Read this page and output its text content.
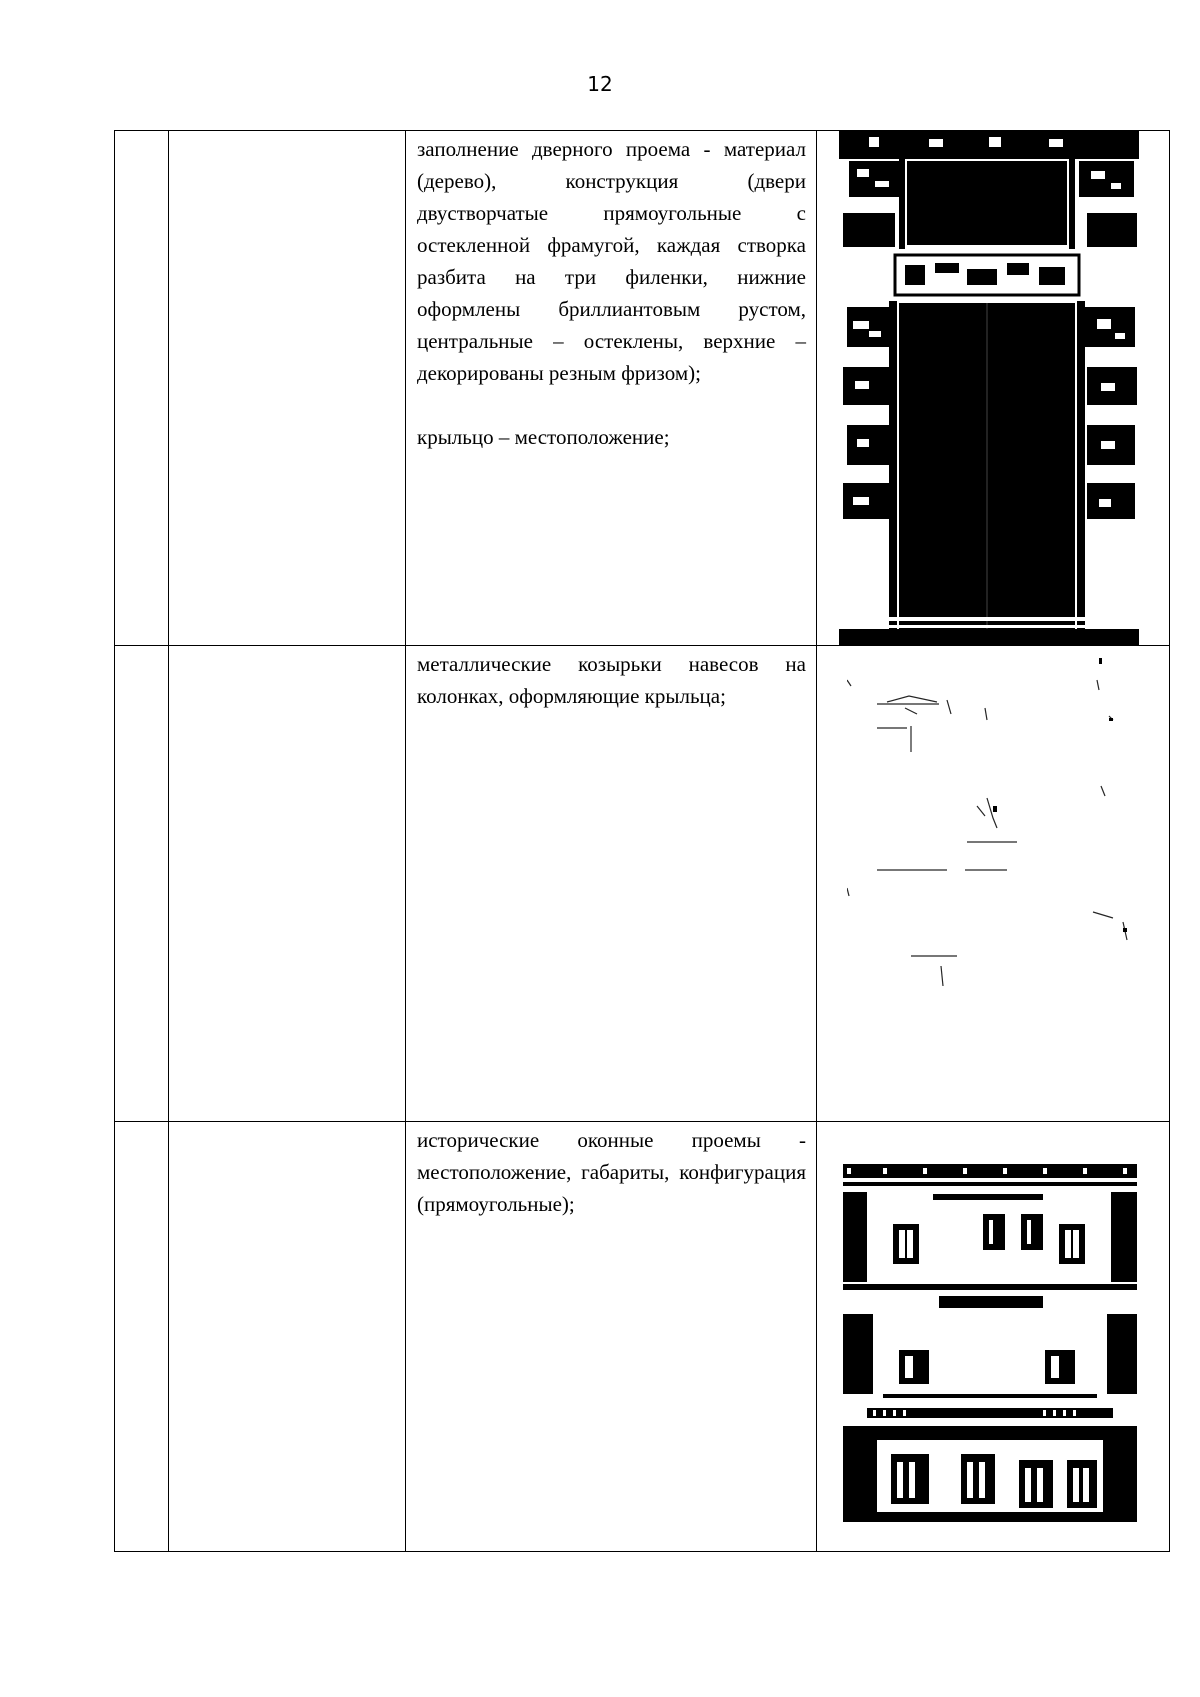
12

		заполнение дверного проема - материал (дерево), конструкция (двери двустворчатые прямоугольные с остекленной фрамугой, каждая створка разбита на три филенки, нижние оформлены бриллиантовым рустом, центральные – остеклены, верхние – декорированы резным фризом);

крыльцо – местоположение;

		металлические козырьки навесов на колонках, оформляющие крыльца;

		исторические оконные проемы - местоположение, габариты, конфигурация (прямоугольные);
